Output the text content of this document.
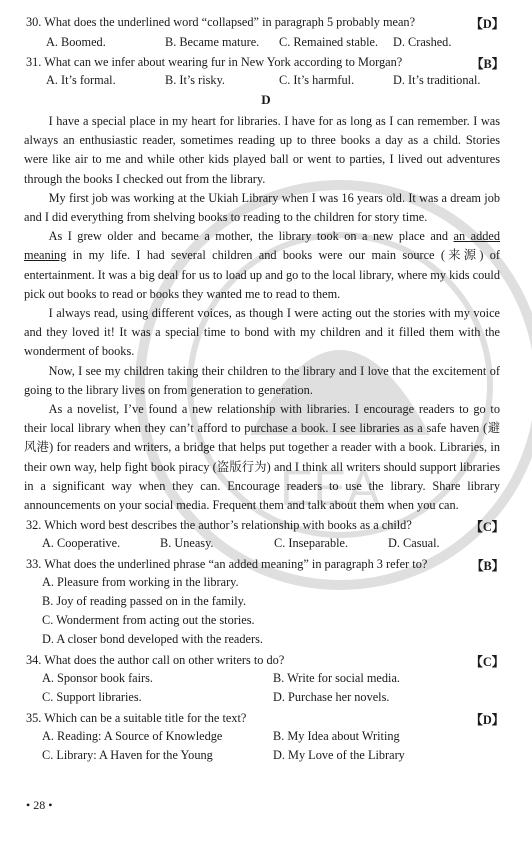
EEA
30. What does the underlined word “collapsed” in paragraph 5 probably mean?	【D】
A. Boomed.	B. Became mature. C. Remained stable. D. Crashed.
31. What can we infer about wearing fur in New York according to Morgan?	【B】
A. It’s formal.	B. It’s risky.	C. It’s harmful.	D. It’s traditional.
D

I have a special place in my heart for libraries. I have for as long as I can remember. I was always an enthusiastic reader, sometimes reading up to three books a day as a child. Stories were like air to me and while other kids played ball or went to parties, I lived out adventures through the books I checked out from the library.

My first job was working at the Ukiah Library when I was 16 years old. It was a dream job and I did everything from shelving books to reading to the children for story time.

As I grew older and became a mother, the library took on a new place and an added meaning in my life. I had several children and books were our main source (来源) of entertainment. It was a big deal for us to load up and go to the local library, where my kids could pick out books to read or books they wanted me to read to them.

I always read, using different voices, as though I were acting out the stories with my voice and they loved it! It was a special time to bond with my children and it filled them with the wonderment of books.

Now, I see my children taking their children to the library and I love that the excitement of going to the library lives on from generation to generation.

As a novelist, I’ve found a new relationship with libraries. I encourage readers to go to their local library when they can’t afford to purchase a book. I see libraries as a safe haven (避风港) for readers and writers, a bridge that helps put together a reader with a book. Libraries, in their own way, help fight book piracy (盗版行为) and I think all writers should support libraries in a significant way when they can. Encourage readers to use the library. Share library announcements on your social media. Frequent them and talk about them when you can.

32. Which word best describes the author’s relationship with books as a child?	【C】
A. Cooperative.	B. Uneasy.	C. Inseparable.	D. Casual.
33. What does the underlined phrase “an added meaning” in paragraph 3 refer to?	【B】
A. Pleasure from working in the library.
B. Joy of reading passed on in the family.
C. Wonderment from acting out the stories.
D. A closer bond developed with the readers.
34. What does the author call on other writers to do?	【C】
A. Sponsor book fairs.	B. Write for social media.
C. Support libraries.	D. Purchase her novels.
35. Which can be a suitable title for the text?	【D】
A. Reading: A Source of Knowledge	B. My Idea about Writing
C. Library: A Haven for the Young	D. My Love of the Library
• 28 •
